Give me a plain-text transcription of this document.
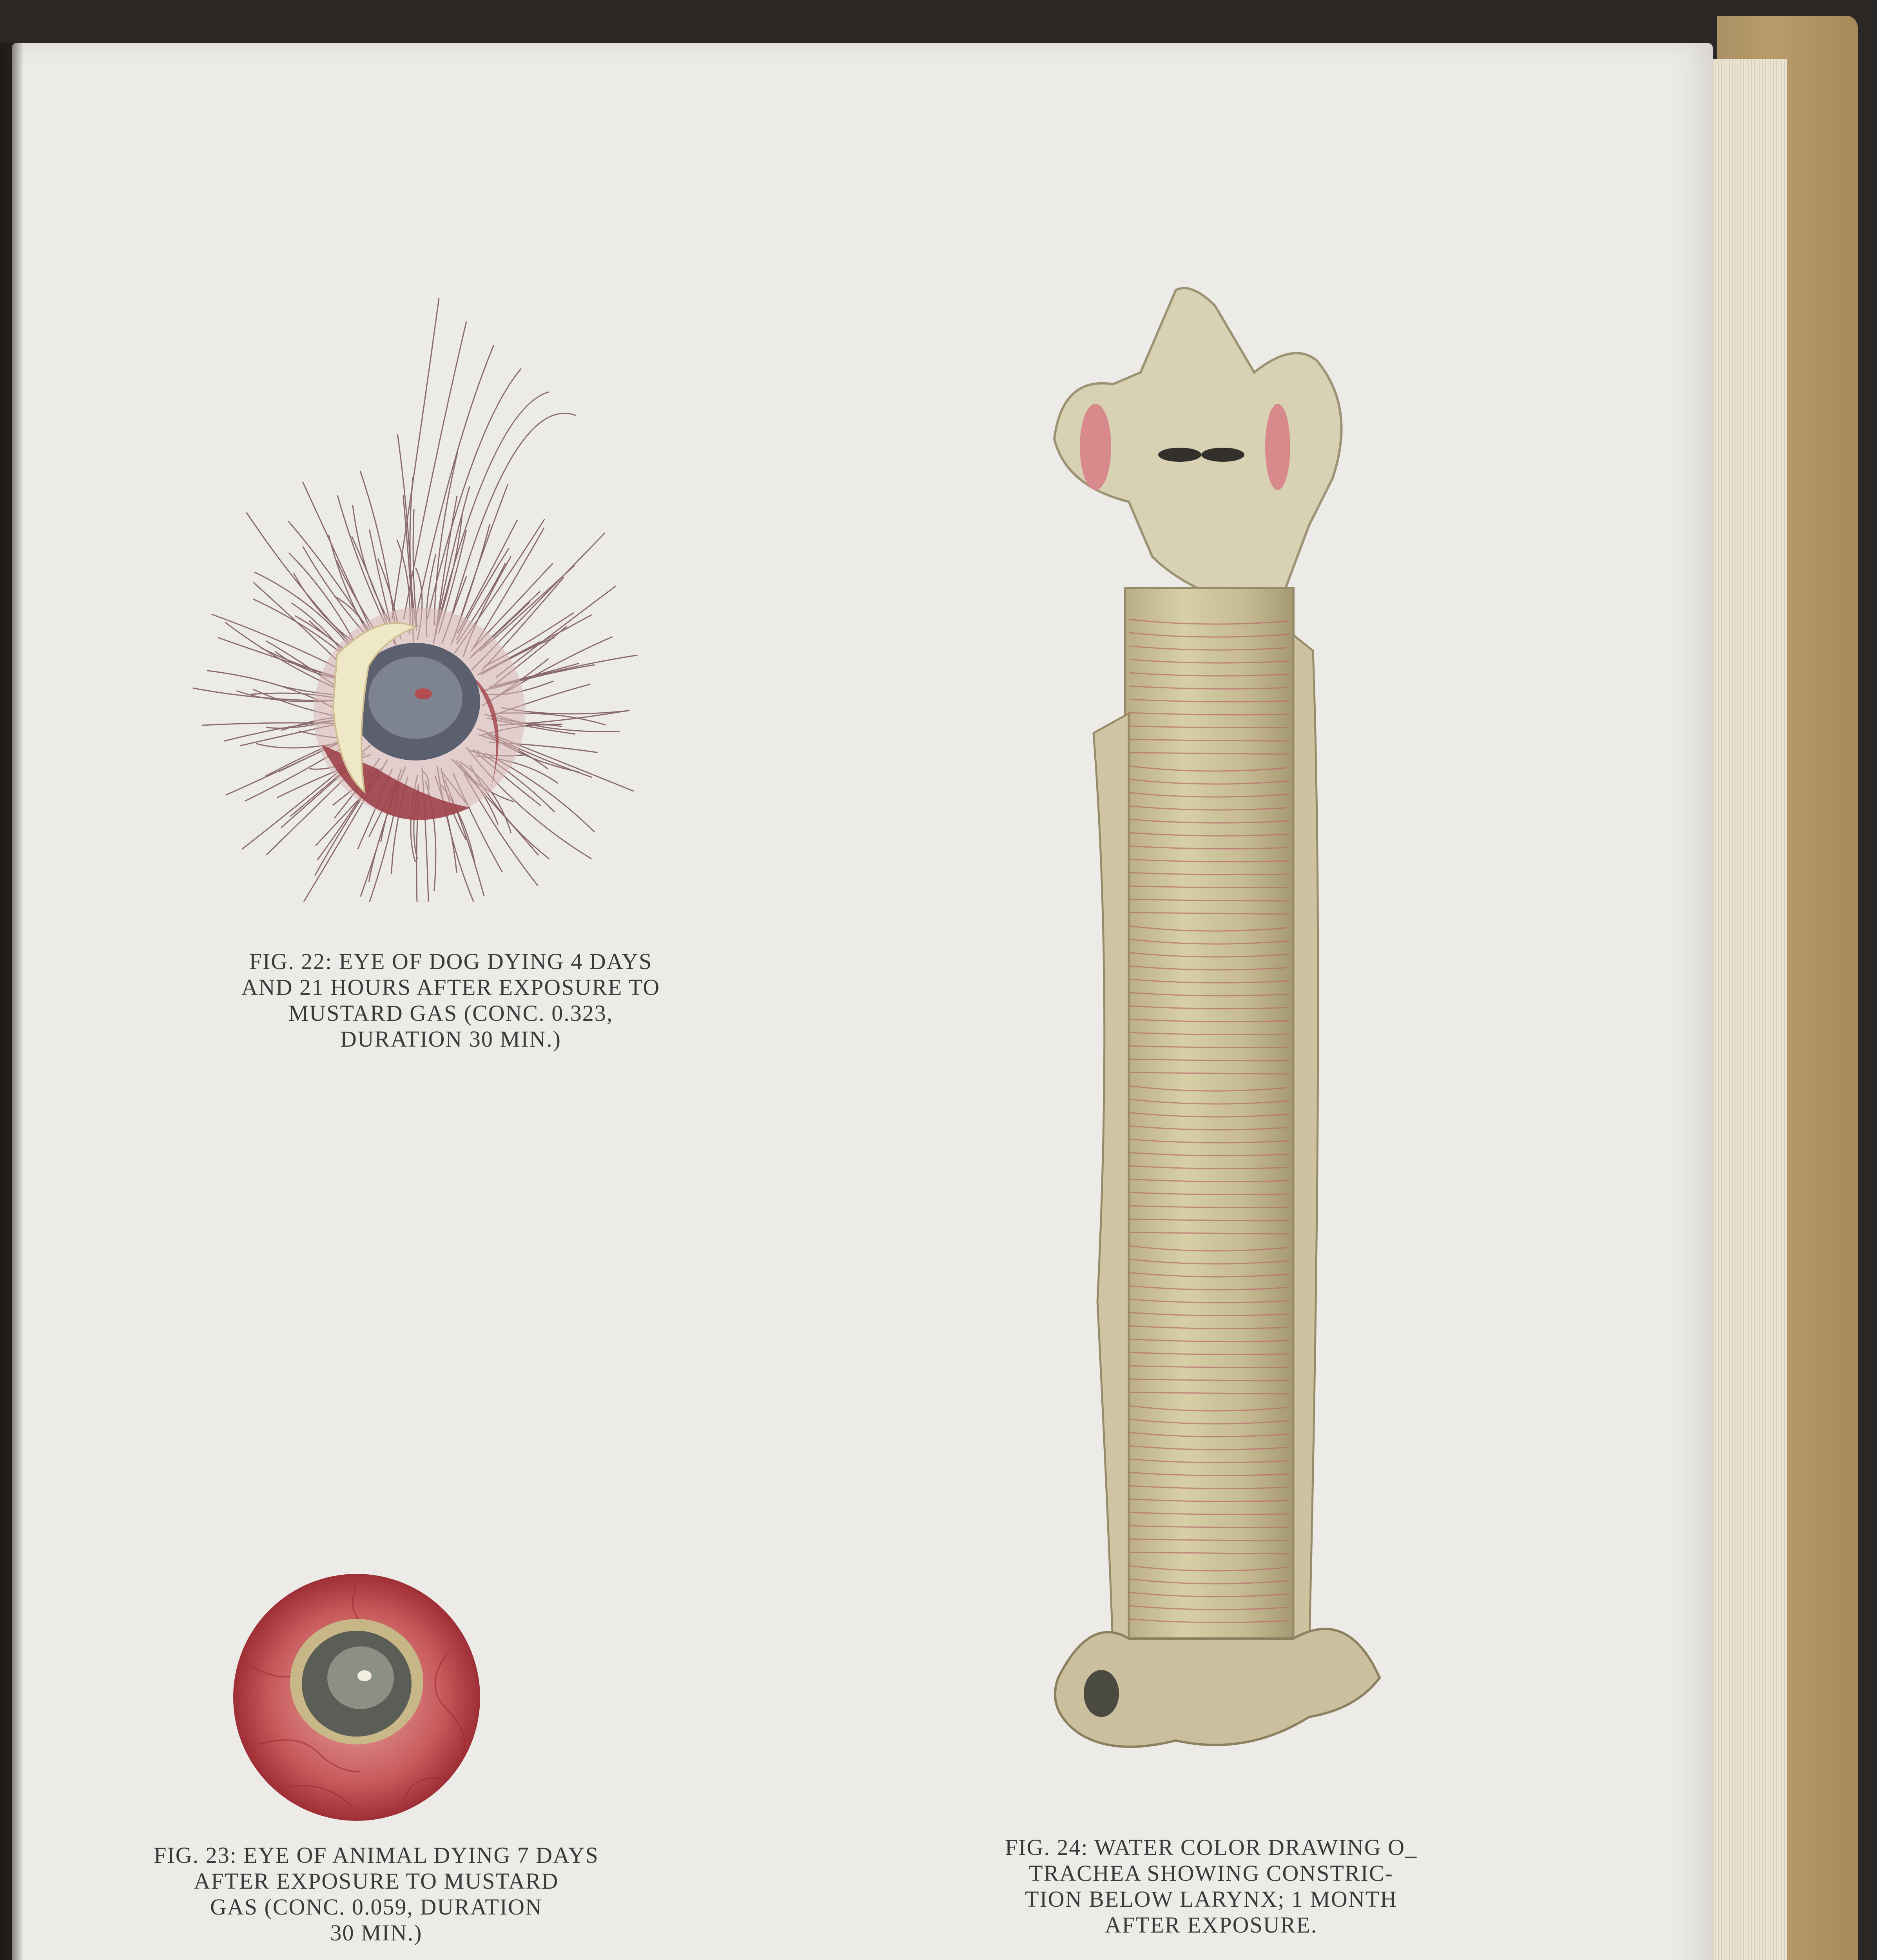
FIG. 22: EYE OF DOG DYING 4 DAYS
AND 21 HOURS AFTER EXPOSURE TO
MUSTARD GAS (CONC. 0.323,
DURATION 30 MIN.)
FIG. 23: EYE OF ANIMAL DYING 7 DAYS
AFTER EXPOSURE TO MUSTARD
GAS (CONC. 0.059, DURATION
30 MIN.)
FIG. 24: WATER COLOR DRAWING O_
TRACHEA SHOWING CONSTRIC-
TION BELOW LARYNX; 1 MONTH
AFTER EXPOSURE.
